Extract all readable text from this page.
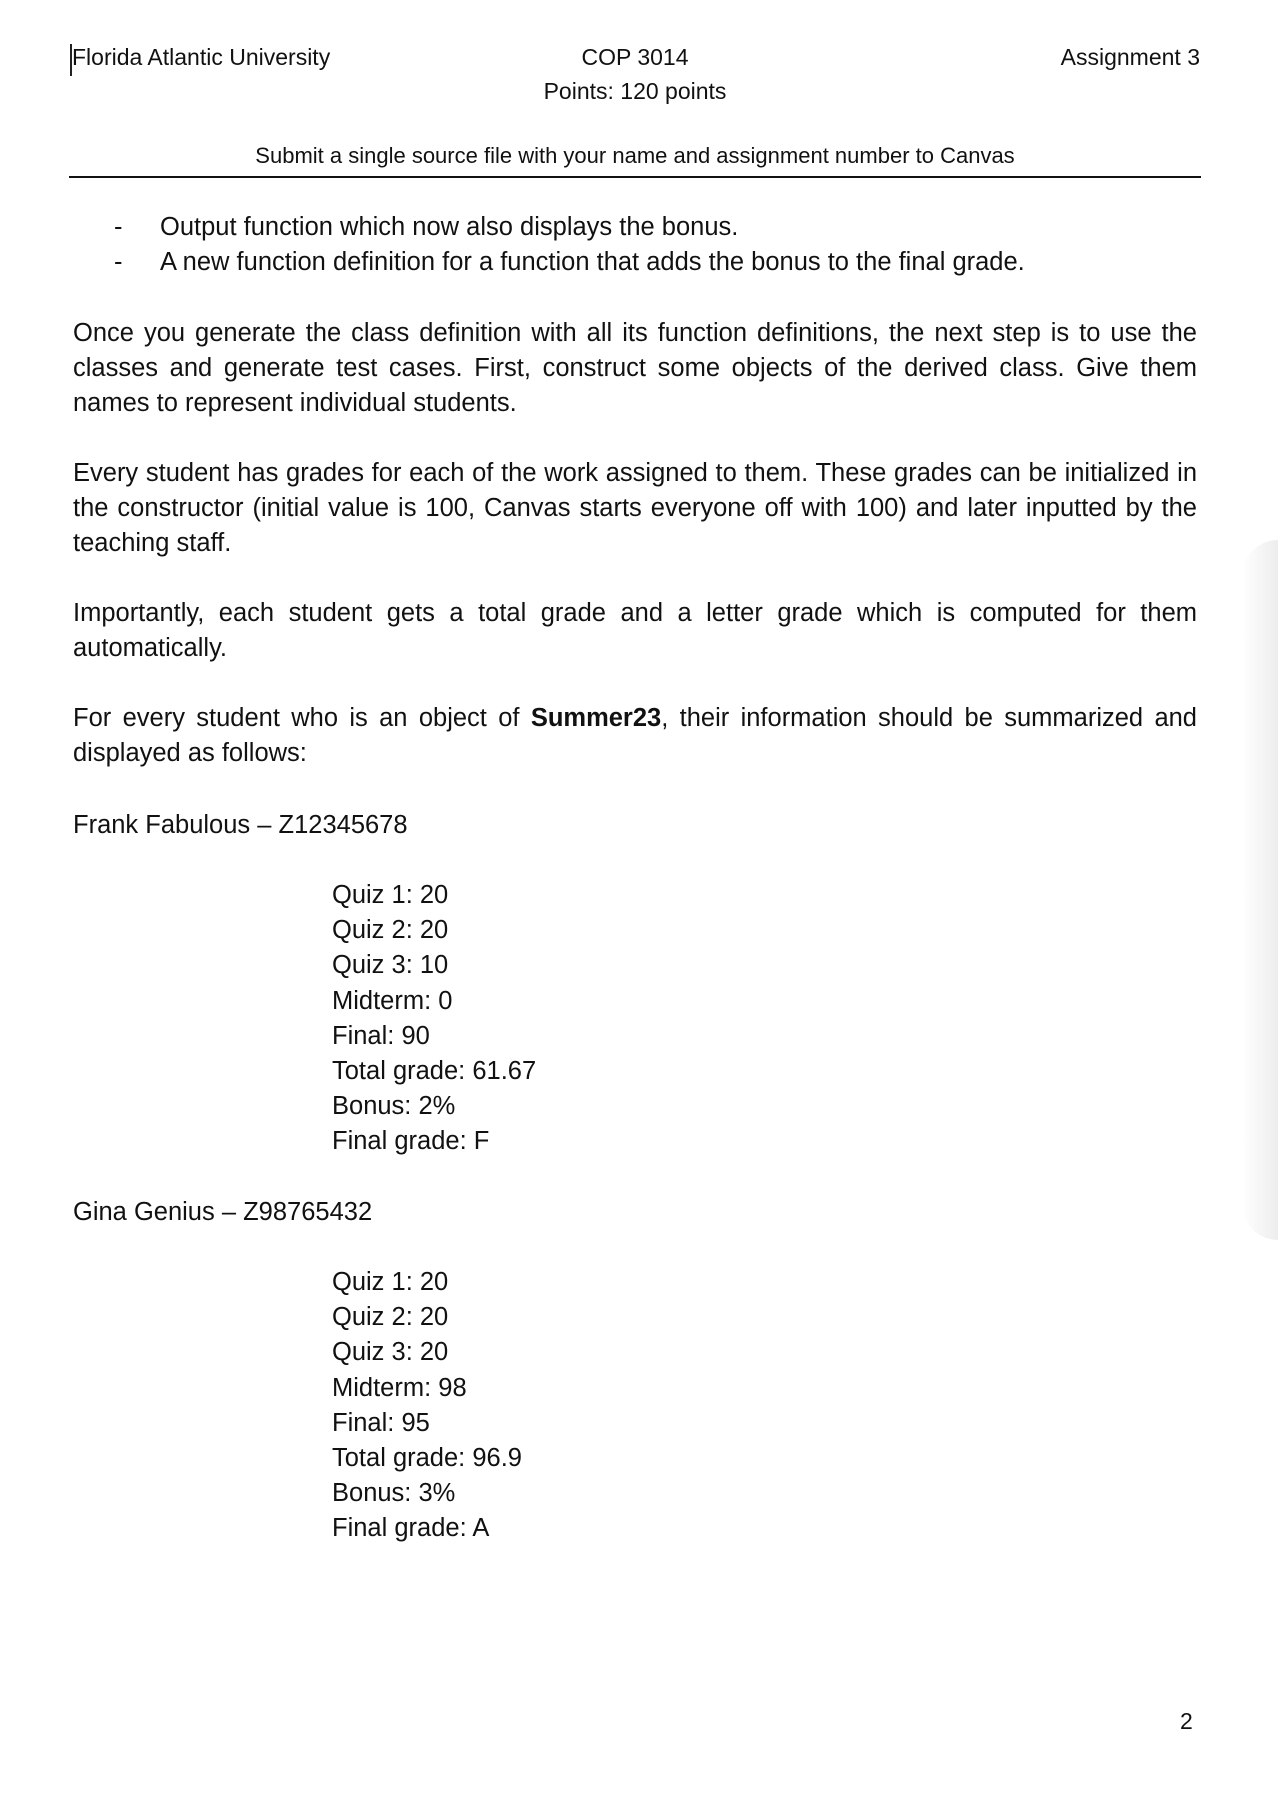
Florida Atlantic University	COP 3014	Assignment 3
Points: 120 points
Submit a single source file with your name and assignment number to Canvas
- Output function which now also displays the bonus.
- A new function definition for a function that adds the bonus to the final grade.

Once you generate the class definition with all its function definitions, the next step is to use the classes and generate test cases. First, construct some objects of the derived class. Give them names to represent individual students.

Every student has grades for each of the work assigned to them. These grades can be initialized in the constructor (initial value is 100, Canvas starts everyone off with 100) and later inputted by the teaching staff.

Importantly, each student gets a total grade and a letter grade which is computed for them automatically.

For every student who is an object of Summer23, their information should be summarized and displayed as follows:

Frank Fabulous – Z12345678

Quiz 1: 20
Quiz 2: 20
Quiz 3: 10
Midterm: 0
Final: 90
Total grade: 61.67
Bonus: 2%
Final grade: F

Gina Genius – Z98765432

Quiz 1: 20
Quiz 2: 20
Quiz 3: 20
Midterm: 98
Final: 95
Total grade: 96.9
Bonus: 3%
Final grade: A
2
